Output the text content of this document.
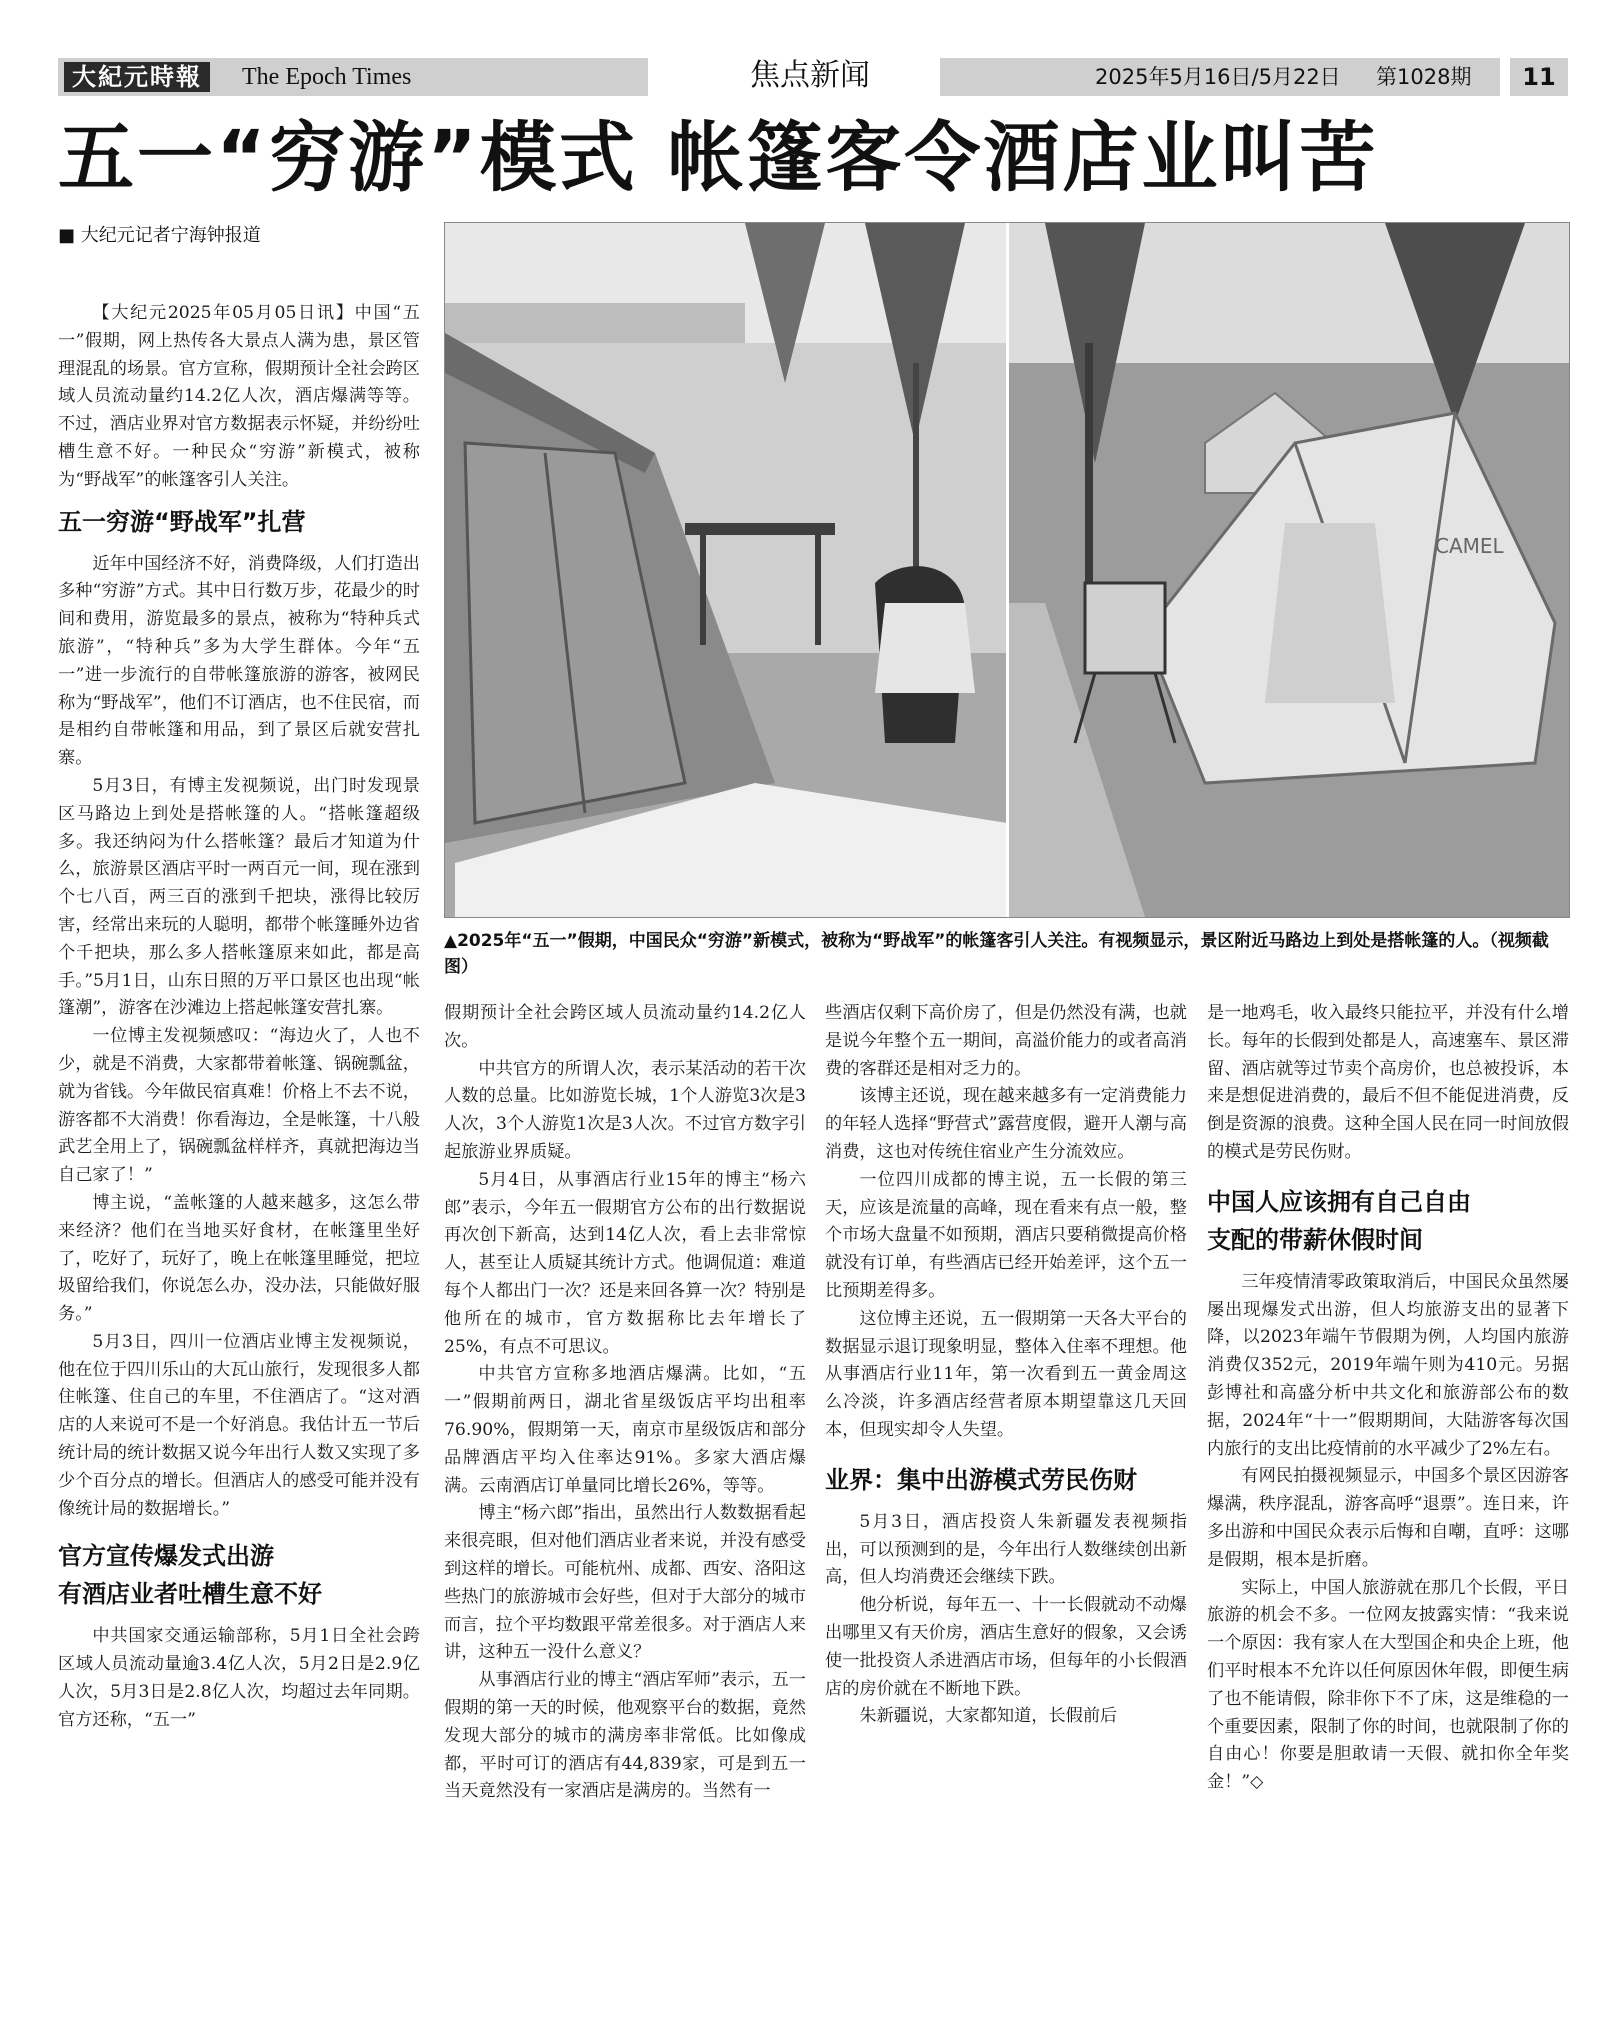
大紀元時報	The Epoch Times	焦点新闻	2025年5月16日/5月22日 第1028期	11
五一“穷游”模式 帐篷客令酒店业叫苦
■ 大纪元记者宁海钟报道
CAMEL
▲2025年“五一”假期，中国民众“穷游”新模式，被称为“野战军”的帐篷客引人关注。有视频显示，景区附近马路边上到处是搭帐篷的人。（视频截图）

【大纪元2025年05月05日讯】中国“五一”假期，网上热传各大景点人满为患，景区管理混乱的场景。官方宣称，假期预计全社会跨区域人员流动量约14.2亿人次，酒店爆满等等。不过，酒店业界对官方数据表示怀疑，并纷纷吐槽生意不好。一种民众“穷游”新模式，被称为“野战军”的帐篷客引人关注。

五一穷游“野战军”扎营

近年中国经济不好，消费降级，人们打造出多种“穷游”方式。其中日行数万步，花最少的时间和费用，游览最多的景点，被称为“特种兵式旅游”，“特种兵”多为大学生群体。今年“五一”进一步流行的自带帐篷旅游的游客，被网民称为“野战军”，他们不订酒店，也不住民宿，而是相约自带帐篷和用品，到了景区后就安营扎寨。

5月3日，有博主发视频说，出门时发现景区马路边上到处是搭帐篷的人。“搭帐篷超级多。我还纳闷为什么搭帐篷？最后才知道为什么，旅游景区酒店平时一两百元一间，现在涨到个七八百，两三百的涨到千把块，涨得比较厉害，经常出来玩的人聪明，都带个帐篷睡外边省个千把块，那么多人搭帐篷原来如此，都是高手。”5月1日，山东日照的万平口景区也出现“帐篷潮”，游客在沙滩边上搭起帐篷安营扎寨。

一位博主发视频感叹：“海边火了，人也不少，就是不消费，大家都带着帐篷、锅碗瓢盆，就为省钱。今年做民宿真难！价格上不去不说，游客都不大消费！你看海边，全是帐篷，十八般武艺全用上了，锅碗瓢盆样样齐，真就把海边当自己家了！”

博主说，“盖帐篷的人越来越多，这怎么带来经济？他们在当地买好食材，在帐篷里坐好了，吃好了，玩好了，晚上在帐篷里睡觉，把垃圾留给我们，你说怎么办，没办法，只能做好服务。”

5月3日，四川一位酒店业博主发视频说，他在位于四川乐山的大瓦山旅行，发现很多人都住帐篷、住自己的车里，不住酒店了。“这对酒店的人来说可不是一个好消息。我估计五一节后统计局的统计数据又说今年出行人数又实现了多少个百分点的增长。但酒店人的感受可能并没有像统计局的数据增长。”

官方宣传爆发式出游
有酒店业者吐槽生意不好

中共国家交通运输部称，5月1日全社会跨区域人员流动量逾3.4亿人次，5月2日是2.9亿人次，5月3日是2.8亿人次，均超过去年同期。官方还称，“五一”

假期预计全社会跨区域人员流动量约14.2亿人次。

中共官方的所谓人次，表示某活动的若干次人数的总量。比如游览长城，1个人游览3次是3人次，3个人游览1次是3人次。不过官方数字引起旅游业界质疑。

5月4日，从事酒店行业15年的博主“杨六郎”表示，今年五一假期官方公布的出行数据说再次创下新高，达到14亿人次，看上去非常惊人，甚至让人质疑其统计方式。他调侃道：难道每个人都出门一次？还是来回各算一次？特别是他所在的城市，官方数据称比去年增长了25%，有点不可思议。

中共官方宣称多地酒店爆满。比如，“五一”假期前两日，湖北省星级饭店平均出租率76.90%，假期第一天，南京市星级饭店和部分品牌酒店平均入住率达91%。多家大酒店爆满。云南酒店订单量同比增长26%，等等。

博主“杨六郎”指出，虽然出行人数数据看起来很亮眼，但对他们酒店业者来说，并没有感受到这样的增长。可能杭州、成都、西安、洛阳这些热门的旅游城市会好些，但对于大部分的城市而言，拉个平均数跟平常差很多。对于酒店人来讲，这种五一没什么意义？

从事酒店行业的博主“酒店军师”表示，五一假期的第一天的时候，他观察平台的数据，竟然发现大部分的城市的满房率非常低。比如像成都，平时可订的酒店有44,839家，可是到五一当天竟然没有一家酒店是满房的。当然有一

些酒店仅剩下高价房了，但是仍然没有满，也就是说今年整个五一期间，高溢价能力的或者高消费的客群还是相对乏力的。

该博主还说，现在越来越多有一定消费能力的年轻人选择“野营式”露营度假，避开人潮与高消费，这也对传统住宿业产生分流效应。

一位四川成都的博主说，五一长假的第三天，应该是流量的高峰，现在看来有点一般，整个市场大盘量不如预期，酒店只要稍微提高价格就没有订单，有些酒店已经开始差评，这个五一比预期差得多。

这位博主还说，五一假期第一天各大平台的数据显示退订现象明显，整体入住率不理想。他从事酒店行业11年，第一次看到五一黄金周这么冷淡，许多酒店经营者原本期望靠这几天回本，但现实却令人失望。

业界：集中出游模式劳民伤财

5月3日，酒店投资人朱新疆发表视频指出，可以预测到的是，今年出行人数继续创出新高，但人均消费还会继续下跌。

他分析说，每年五一、十一长假就动不动爆出哪里又有天价房，酒店生意好的假象，又会诱使一批投资人杀进酒店市场，但每年的小长假酒店的房价就在不断地下跌。

朱新疆说，大家都知道，长假前后

是一地鸡毛，收入最终只能拉平，并没有什么增长。每年的长假到处都是人，高速塞车、景区滞留、酒店就等过节卖个高房价，也总被投诉，本来是想促进消费的，最后不但不能促进消费，反倒是资源的浪费。这种全国人民在同一时间放假的模式是劳民伤财。

中国人应该拥有自己自由
支配的带薪休假时间

三年疫情清零政策取消后，中国民众虽然屡屡出现爆发式出游，但人均旅游支出的显著下降，以2023年端午节假期为例，人均国内旅游消费仅352元，2019年端午则为410元。另据彭博社和高盛分析中共文化和旅游部公布的数据，2024年“十一”假期期间，大陆游客每次国内旅行的支出比疫情前的水平减少了2%左右。

有网民拍摄视频显示，中国多个景区因游客爆满，秩序混乱，游客高呼“退票”。连日来，许多出游和中国民众表示后悔和自嘲，直呼：这哪是假期，根本是折磨。

实际上，中国人旅游就在那几个长假，平日旅游的机会不多。一位网友披露实情：“我来说一个原因：我有家人在大型国企和央企上班，他们平时根本不允许以任何原因休年假，即便生病了也不能请假，除非你下不了床，这是维稳的一个重要因素，限制了你的时间，也就限制了你的自由心！你要是胆敢请一天假、就扣你全年奖金！”◇
